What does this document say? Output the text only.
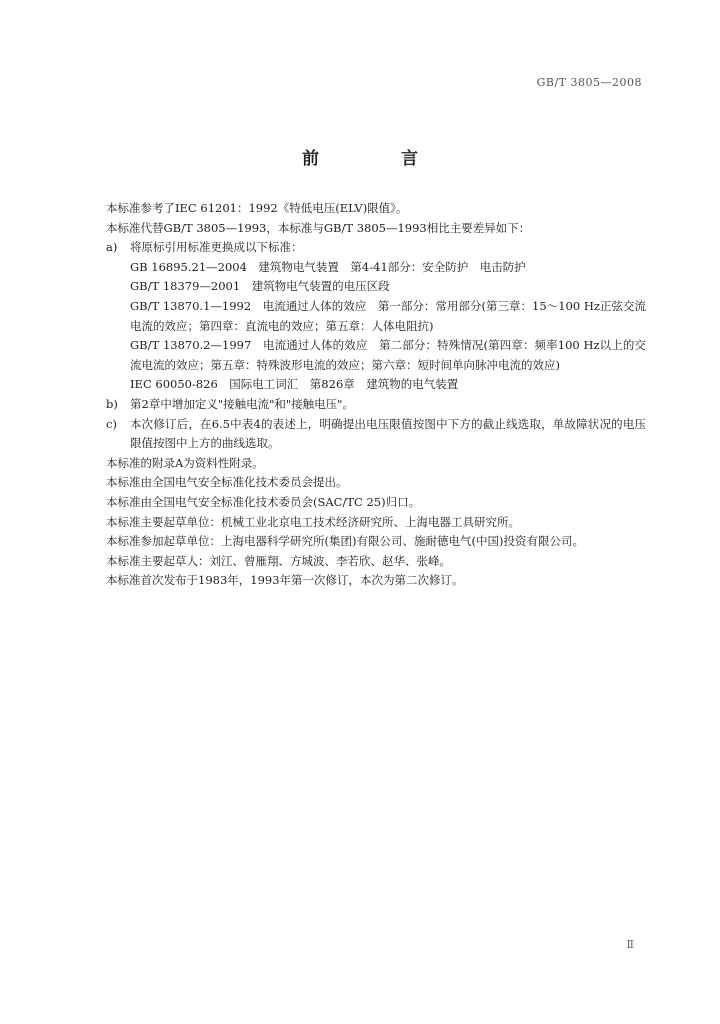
GB/T 3805—2008
前 言
本标准参考了IEC 61201：1992《特低电压(ELV)限值》。
本标准代替GB/T 3805—1993，本标准与GB/T 3805—1993相比主要差异如下：
a)	将原标引用标准更换成以下标准：
GB 16895.21—2004　建筑物电气装置　第4-41部分：安全防护　电击防护
GB/T 18379—2001　建筑物电气装置的电压区段
GB/T 13870.1—1992　电流通过人体的效应　第一部分：常用部分(第三章：15～100 Hz正弦交流电流的效应；第四章：直流电的效应；第五章：人体电阻抗)
GB/T 13870.2—1997　电流通过人体的效应　第二部分：特殊情况(第四章：频率100 Hz以上的交流电流的效应；第五章：特殊波形电流的效应；第六章：短时间单向脉冲电流的效应)
IEC 60050-826　国际电工词汇　第826章　建筑物的电气装置
b)	第2章中增加定义"接触电流"和"接触电压"。
c)	本次修订后，在6.5中表4的表述上，明确提出电压限值按图中下方的截止线选取，单故障状况的电压限值按图中上方的曲线选取。
本标准的附录A为资料性附录。
本标准由全国电气安全标准化技术委员会提出。
本标准由全国电气安全标准化技术委员会(SAC/TC 25)归口。
本标准主要起草单位：机械工业北京电工技术经济研究所、上海电器工具研究所。
本标准参加起草单位：上海电器科学研究所(集团)有限公司、施耐德电气(中国)投资有限公司。
本标准主要起草人：刘江、曾雁翔、方城波、李若欣、赵华、张峰。
本标准首次发布于1983年，1993年第一次修订，本次为第二次修订。
Ⅱ
